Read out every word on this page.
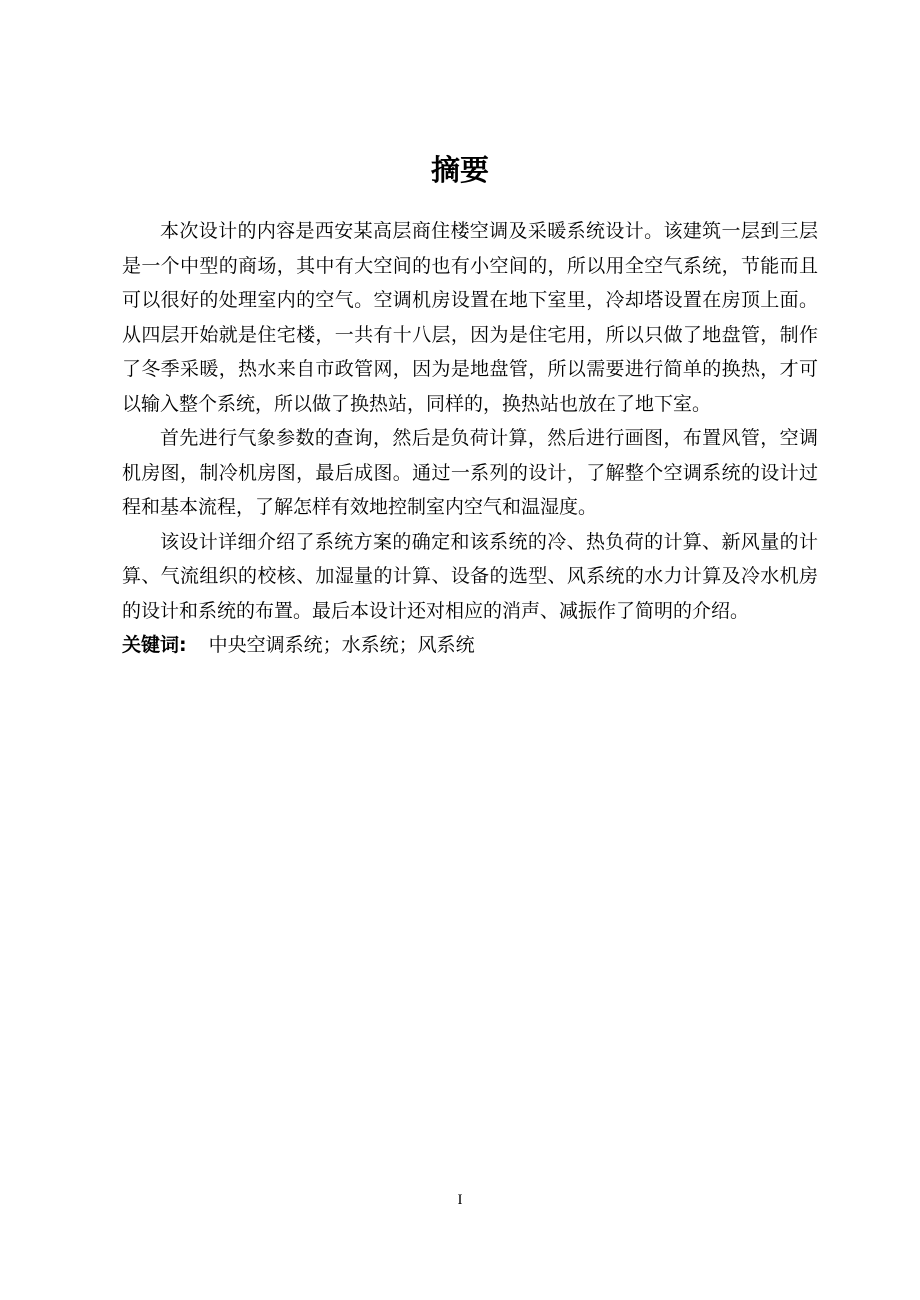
摘要

本次设计的内容是西安某高层商住楼空调及采暖系统设计。该建筑一层到三层是一个中型的商场，其中有大空间的也有小空间的，所以用全空气系统，节能而且可以很好的处理室内的空气。空调机房设置在地下室里，冷却塔设置在房顶上面。从四层开始就是住宅楼，一共有十八层，因为是住宅用，所以只做了地盘管，制作了冬季采暖，热水来自市政管网，因为是地盘管，所以需要进行简单的换热，才可以输入整个系统，所以做了换热站，同样的，换热站也放在了地下室。

首先进行气象参数的查询，然后是负荷计算，然后进行画图，布置风管，空调机房图，制冷机房图，最后成图。通过一系列的设计，了解整个空调系统的设计过程和基本流程，了解怎样有效地控制室内空气和温湿度。

该设计详细介绍了系统方案的确定和该系统的冷、热负荷的计算、新风量的计算、气流组织的校核、加湿量的计算、设备的选型、风系统的水力计算及冷水机房的设计和系统的布置。最后本设计还对相应的消声、减振作了简明的介绍。

关键词: 中央空调系统；水系统；风系统

I
